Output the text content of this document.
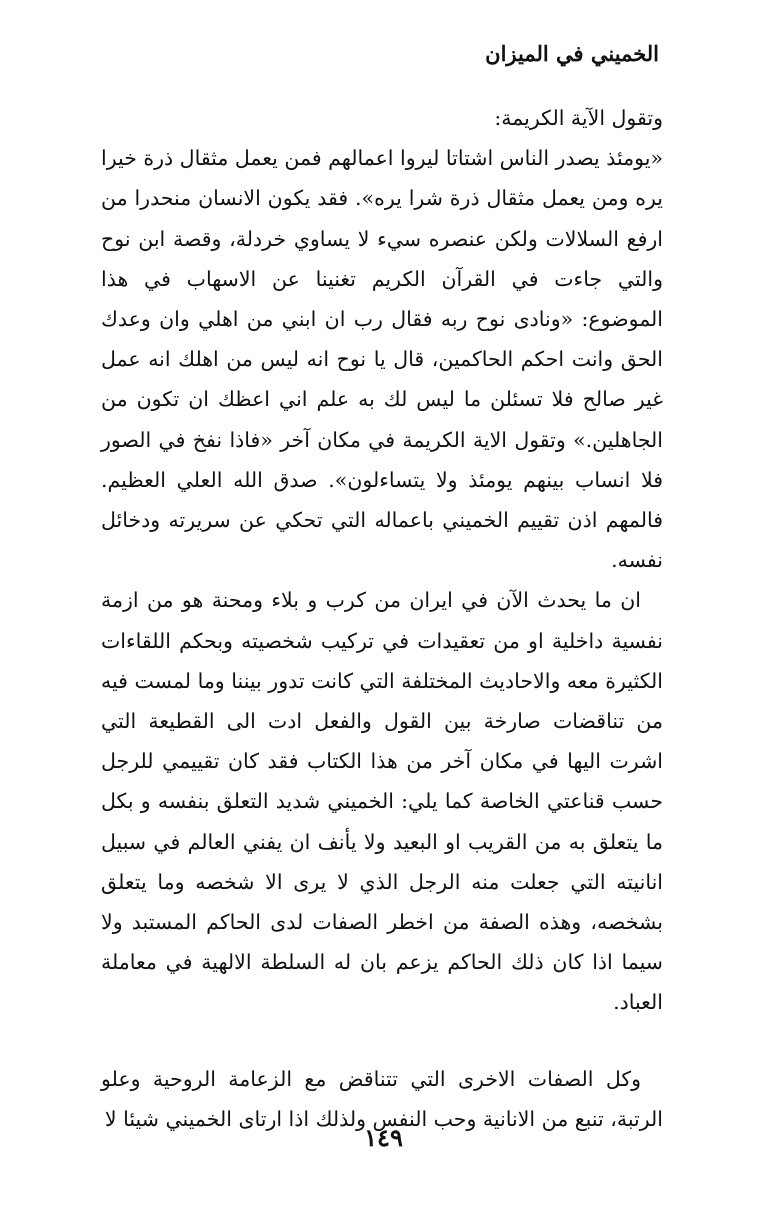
الخميني في الميزان

وتقول الآية الكريمة:

«يومئذ يصدر الناس اشتاتا ليروا اعمالهم فمن يعمل مثقال ذرة خيرا يره ومن يعمل مثقال ذرة شرا يره». فقد يكون الانسان منحدرا من ارفع السلالات ولكن عنصره سيء لا يساوي خردلة، وقصة ابن نوح والتي جاءت في القرآن الكريم تغنينا عن الاسهاب في هذا الموضوع: «ونادى نوح ربه فقال رب ان ابني من اهلي وان وعدك الحق وانت احكم الحاكمين، قال يا نوح انه ليس من اهلك انه عمل غير صالح فلا تسئلن ما ليس لك به علم اني اعظك ان تكون من الجاهلين.» وتقول الاية الكريمة في مكان آخر «فاذا نفخ في الصور فلا انساب بينهم يومئذ ولا يتساءلون». صدق الله العلي العظيم. فالمهم اذن تقييم الخميني باعماله التي تحكي عن سريرته ودخائل نفسه.

ان ما يحدث الآن في ايران من كرب و بلاء ومحنة هو من ازمة نفسية داخلية او من تعقيدات في تركيب شخصيته وبحكم اللقاءات الكثيرة معه والاحاديث المختلفة التي كانت تدور بيننا وما لمست فيه من تناقضات صارخة بين القول والفعل ادت الى القطيعة التي اشرت اليها في مكان آخر من هذا الكتاب فقد كان تقييمي للرجل حسب قناعتي الخاصة كما يلي: الخميني شديد التعلق بنفسه و بكل ما يتعلق به من القريب او البعيد ولا يأنف ان يفني العالم في سبيل انانيته التي جعلت منه الرجل الذي لا يرى الا شخصه وما يتعلق بشخصه، وهذه الصفة من اخطر الصفات لدى الحاكم المستبد ولا سيما اذا كان ذلك الحاكم يزعم بان له السلطة الالهية في معاملة العباد.

وكل الصفات الاخرى التي تتناقض مع الزعامة الروحية وعلو الرتبة، تنبع من الانانية وحب النفس ولذلك اذا ارتاى الخميني شيئا لا

١٤٩
